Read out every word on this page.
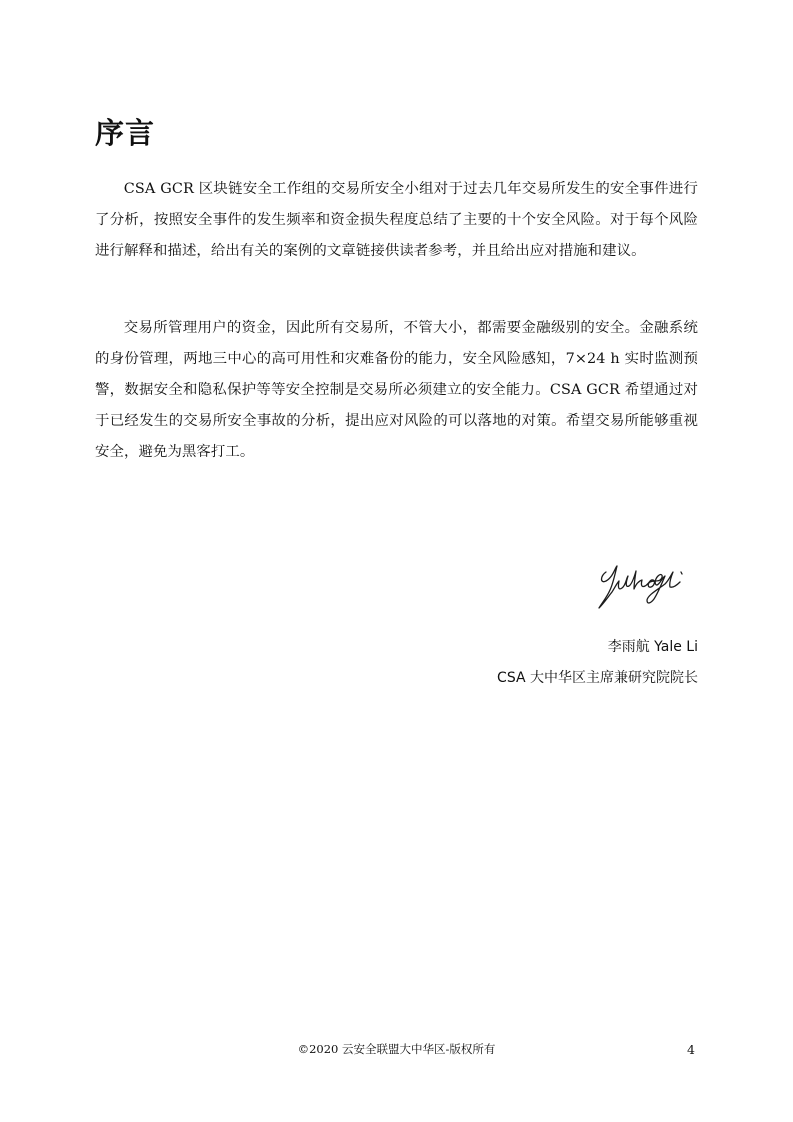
序言

CSA GCR 区块链安全工作组的交易所安全小组对于过去几年交易所发生的安全事件进行了分析，按照安全事件的发生频率和资金损失程度总结了主要的十个安全风险。对于每个风险进行解释和描述，给出有关的案例的文章链接供读者参考，并且给出应对措施和建议。

交易所管理用户的资金，因此所有交易所，不管大小，都需要金融级别的安全。金融系统的身份管理，两地三中心的高可用性和灾难备份的能力，安全风险感知，7×24 h 实时监测预警，数据安全和隐私保护等等安全控制是交易所必须建立的安全能力。CSA GCR 希望通过对于已经发生的交易所安全事故的分析，提出应对风险的可以落地的对策。希望交易所能够重视安全，避免为黑客打工。

李雨航 Yale Li
CSA 大中华区主席兼研究院院长
©2020 云安全联盟大中华区-版权所有	4
